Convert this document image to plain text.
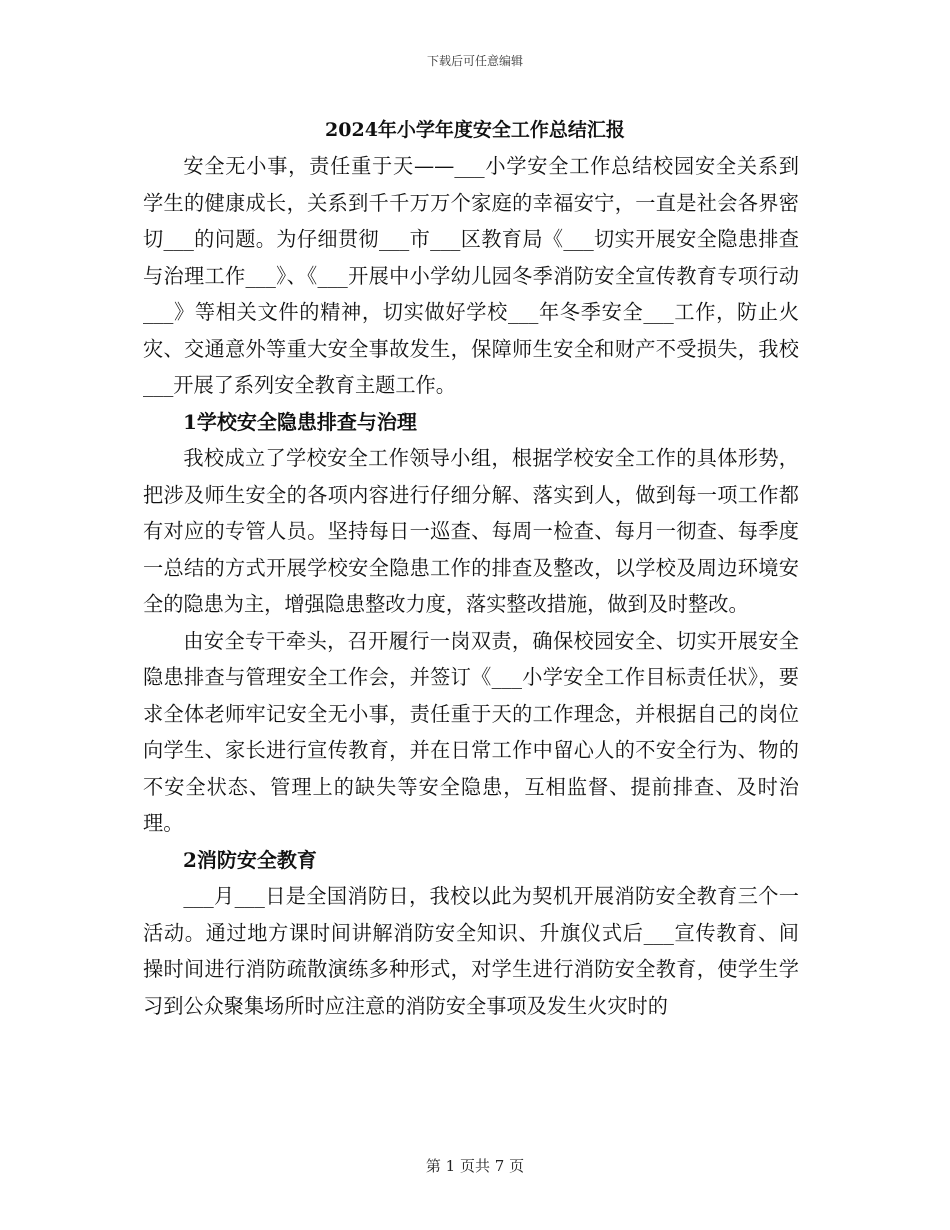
下载后可任意编辑
2024年小学年度安全工作总结汇报

安全无小事，责任重于天——___小学安全工作总结校园安全关系到学生的健康成长，关系到千千万万个家庭的幸福安宁，一直是社会各界密切___的问题。为仔细贯彻___市___区教育局《___切实开展安全隐患排查与治理工作___》、《___开展中小学幼儿园冬季消防安全宣传教育专项行动___》等相关文件的精神，切实做好学校___年冬季安全___工作，防止火灾、交通意外等重大安全事故发生，保障师生安全和财产不受损失，我校___开展了系列安全教育主题工作。

1学校安全隐患排查与治理

我校成立了学校安全工作领导小组，根据学校安全工作的具体形势，把涉及师生安全的各项内容进行仔细分解、落实到人，做到每一项工作都有对应的专管人员。坚持每日一巡查、每周一检查、每月一彻查、每季度一总结的方式开展学校安全隐患工作的排查及整改，以学校及周边环境安全的隐患为主，增强隐患整改力度，落实整改措施，做到及时整改。

由安全专干牵头，召开履行一岗双责，确保校园安全、切实开展安全隐患排查与管理安全工作会，并签订《___小学安全工作目标责任状》，要求全体老师牢记安全无小事，责任重于天的工作理念，并根据自己的岗位向学生、家长进行宣传教育，并在日常工作中留心人的不安全行为、物的不安全状态、管理上的缺失等安全隐患，互相监督、提前排查、及时治理。

2消防安全教育

___月___日是全国消防日，我校以此为契机开展消防安全教育三个一活动。通过地方课时间讲解消防安全知识、升旗仪式后___宣传教育、间操时间进行消防疏散演练多种形式，对学生进行消防安全教育，使学生学习到公众聚集场所时应注意的消防安全事项及发生火灾时的

第 1 页共 7 页
